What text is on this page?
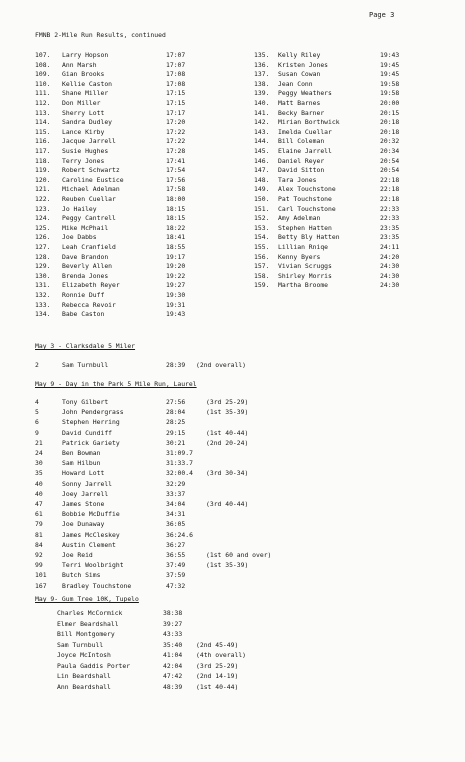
Page 3
FMNB 2-Mile Run Results, continued
107. Larry Hopson	17:07
108. Ann Marsh	17:07
109. Gian Brooks	17:08
110. Kellie Caston	17:08
111. Shane Miller	17:15
112. Don Miller	17:15
113. Sherry Lott	17:17
114. Sandra Dudley	17:20
115. Lance Kirby	17:22
116. Jacque Jarrell	17:22
117. Susie Hughes	17:28
118. Terry Jones	17:41
119. Robert Schwartz	17:54
120. Caroline Eustice	17:56
121. Michael Adelman	17:58
122. Reuben Cuellar	18:00
123. Jo Hailey	18:15
124. Peggy Cantrell	18:15
125. Mike McPhail	18:22
126. Joe Dabbs	18:41
127. Leah Cranfield	18:55
128. Dave Brandon	19:17
129. Beverly Allen	19:20
130. Brenda Jones	19:22
131. Elizabeth Reyer	19:27
132. Ronnie Duff	19:30
133. Rebecca Revoir	19:31
134. Babe Caston	19:43
135. Kelly Riley	19:43
136. Kristen Jones	19:45
137. Susan Cowan	19:45
138. Jean Conn	19:58
139. Peggy Weathers	19:58
140. Matt Barnes	20:00
141. Becky Barner	20:15
142. Mirian Borthwick	20:18
143. Imelda Cuellar	20:18
144. Bill Coleman	20:32
145. Elaine Jarrell	20:34
146. Daniel Reyer	20:54
147. David Sitton	20:54
148. Tara Jones	22:18
149. Alex Touchstone	22:18
150. Pat Touchstone	22:18
151. Carl Touchstone	22:33
152. Amy Adelman	22:33
153. Stephen Hatten	23:35
154. Betty Bly Hatten	23:35
155. Lillian Rniqe	24:11
156. Kenny Byers	24:20
157. Vivian Scruggs	24:30
158. Shirley Morris	24:30
159. Martha Broome	24:30
May 3 - Clarksdale 5 Miler
2	Sam Turnbull	28:39 (2nd overall)
May 9 - Day in the Park 5 Mile Run, Laurel
4	Tony Gilbert	27:56	(3rd 25-29)
5	John Pendergrass	28:04	(1st 35-39)
6	Stephen Herring	28:25
9	David Cundiff	29:15	(1st 40-44)
21	Patrick Gariety	30:21	(2nd 20-24)
24	Ben Bowman	31:09.7
30	Sam Hilbun	31:33.7
35	Howard Lott	32:00.4 (3rd 30-34)
40	Sonny Jarrell	32:29
40	Joey Jarrell	33:37
47	James Stone	34:04	(3rd 40-44)
61	Bobbie McDuffie	34:31
79	Joe Dunaway	36:05
81	James McCleskey	36:24.6
84	Austin Clement	36:27
92	Joe Reid	36:55	(1st 60 and over)
99	Terri Woolbright	37:49	(1st 35-39)
101 Butch Sims	37:59
167 Bradley Touchstone	47:32
May 9- Gum Tree 10K, Tupelo
Charles McCormick	38:38
Elmer Beardshall	39:27
Bill Montgomery	43:33
Sam Turnbull	35:40 (2nd 45-49)
Joyce McIntosh	41:04 (4th overall)
Paula Gaddis Porter	42:04 (3rd 25-29)
Lin Beardshall	47:42 (2nd 14-19)
Ann Beardshall	48:39 (1st 40-44)
